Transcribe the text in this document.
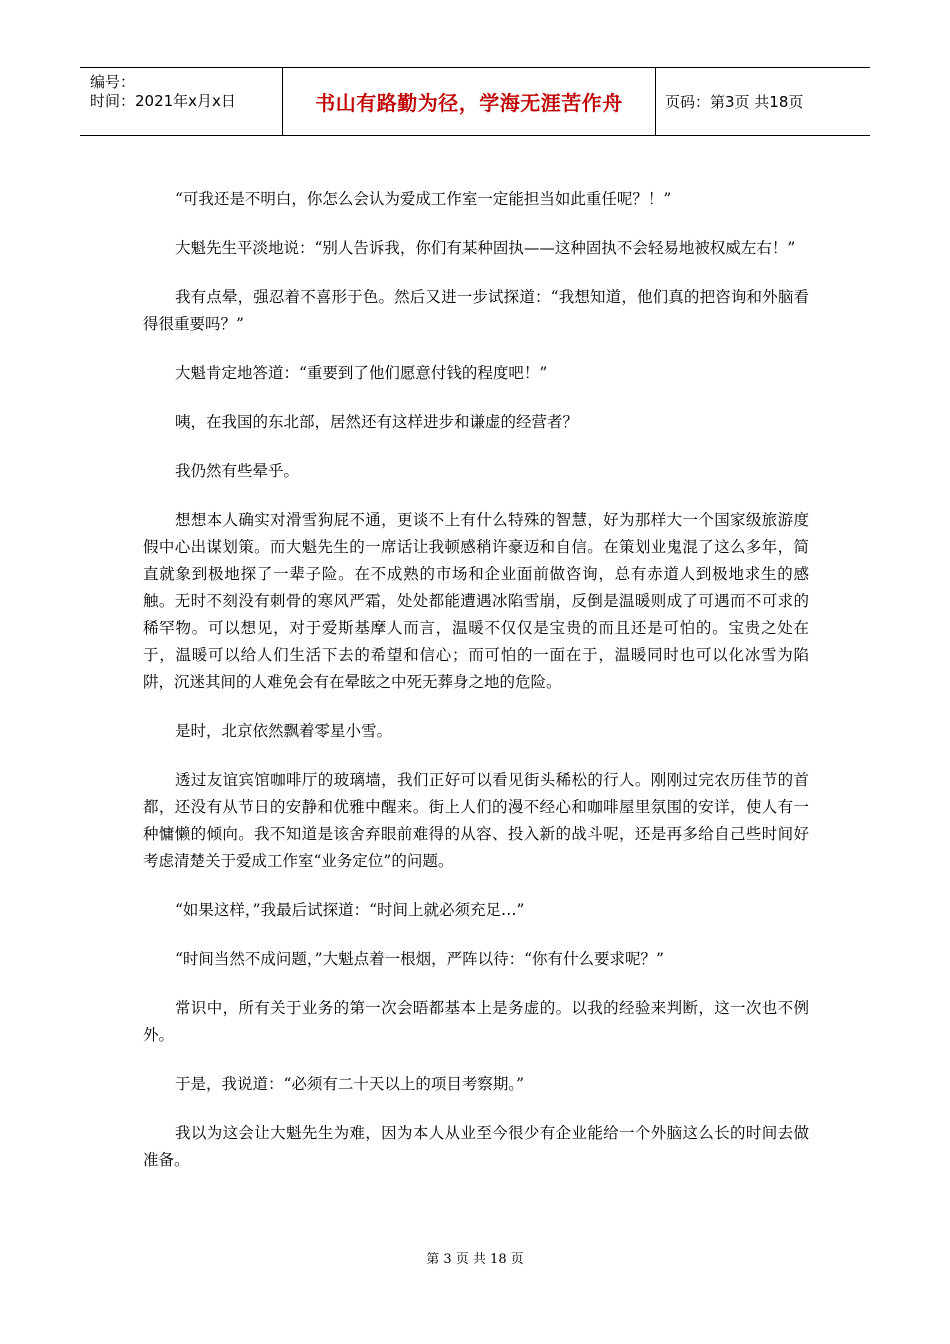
编号：
时间：2021年x月x日	书山有路勤为径，学海无涯苦作舟	页码：第3页 共18页

“可我还是不明白，你怎么会认为爱成工作室一定能担当如此重任呢？！”

大魁先生平淡地说：“别人告诉我，你们有某种固执——这种固执不会轻易地被权威左右！”

我有点晕，强忍着不喜形于色。然后又进一步试探道：“我想知道，他们真的把咨询和外脑看得很重要吗？”

大魁肯定地答道：“重要到了他们愿意付钱的程度吧！”

咦，在我国的东北部，居然还有这样进步和谦虚的经营者？

我仍然有些晕乎。

想想本人确实对滑雪狗屁不通，更谈不上有什么特殊的智慧，好为那样大一个国家级旅游度假中心出谋划策。而大魁先生的一席话让我顿感稍许豪迈和自信。在策划业鬼混了这么多年，简直就象到极地探了一辈子险。在不成熟的市场和企业面前做咨询，总有赤道人到极地求生的感触。无时不刻没有刺骨的寒风严霜，处处都能遭遇冰陷雪崩，反倒是温暖则成了可遇而不可求的稀罕物。可以想见，对于爱斯基摩人而言，温暖不仅仅是宝贵的而且还是可怕的。宝贵之处在于，温暖可以给人们生活下去的希望和信心；而可怕的一面在于，温暖同时也可以化冰雪为陷阱，沉迷其间的人难免会有在晕眩之中死无葬身之地的危险。

是时，北京依然飘着零星小雪。

透过友谊宾馆咖啡厅的玻璃墙，我们正好可以看见街头稀松的行人。刚刚过完农历佳节的首都，还没有从节日的安静和优雅中醒来。街上人们的漫不经心和咖啡屋里氛围的安详，使人有一种慵懒的倾向。我不知道是该舍弃眼前难得的从容、投入新的战斗呢，还是再多给自己些时间好考虑清楚关于爱成工作室“业务定位”的问题。

“如果这样，”我最后试探道：“时间上就必须充足…”

“时间当然不成问题，”大魁点着一根烟，严阵以待：“你有什么要求呢？”

常识中，所有关于业务的第一次会晤都基本上是务虚的。以我的经验来判断，这一次也不例外。

于是，我说道：“必须有二十天以上的项目考察期。”

我以为这会让大魁先生为难，因为本人从业至今很少有企业能给一个外脑这么长的时间去做准备。

第 3 页 共 18 页
